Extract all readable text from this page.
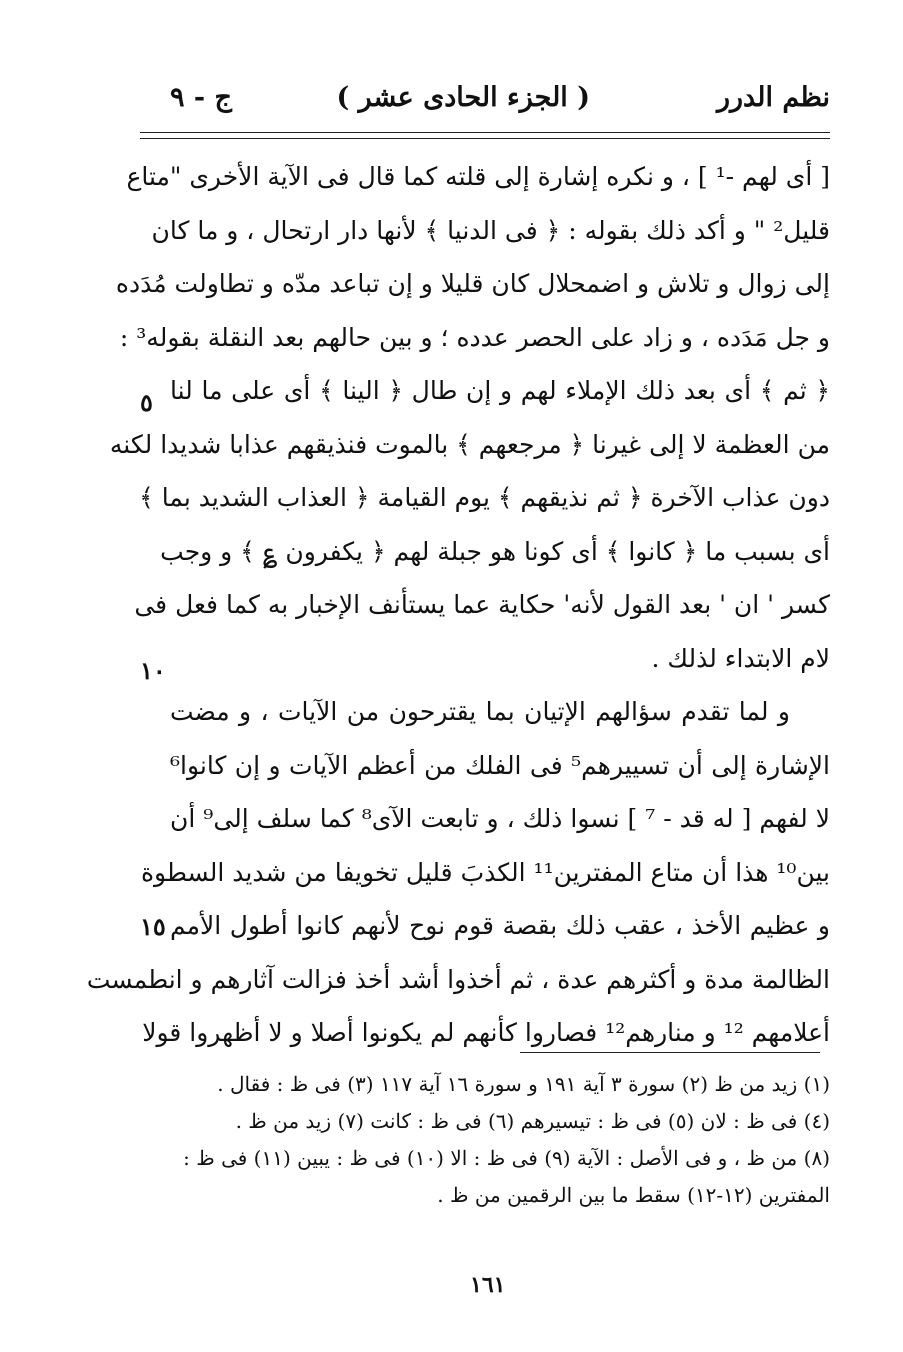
نظم الدرر
( الجزء الحادى عشر )
ج - ٩
[ أى لهم -¹ ] ، و نكره إشارة إلى قلته كما قال فى الآية الأخرى "متاع
قليل² " و أكد ذلك بقوله : ﴿ فى الدنيا ﴾ لأنها دار ارتحال ، و ما كان
إلى زوال و تلاش و اضمحلال كان قليلا و إن تباعد مدّه و تطاولت مُدَده
و جل مَدَده ، و زاد على الحصر عدده ؛ و بين حالهم بعد النقلة بقوله³ :
﴿ ثم ﴾ أى بعد ذلك الإملاء لهم و إن طال ﴿ الينا ﴾ أى على ما لنا
من العظمة لا إلى غيرنا ﴿ مرجعهم ﴾ بالموت فنذيقهم عذابا شديدا لكنه
دون عذاب الآخرة ﴿ ثم نذيقهم ﴾ يوم القيامة ﴿ العذاب الشديد بما ﴾
أى بسبب ما ﴿ كانوا ﴾ أى كونا هو جبلة لهم ﴿ يكفرون ؏ ﴾ و وجب
كسر ' ان ' بعد القول لأنه' حكاية عما يستأنف الإخبار به كما فعل فى
لام الابتداء لذلك .
و لما تقدم سؤالهم الإتيان بما يقترحون من الآيات ، و مضت
الإشارة إلى أن تسييرهم⁵ فى الفلك من أعظم الآيات و إن كانوا⁶
لا لفهم [ له قد - ⁷ ] نسوا ذلك ، و تابعت الآى⁸ كما سلف إلى⁹ أن
بين¹⁰ هذا أن متاع المفترين¹¹ الكذبَ قليل تخويفا من شديد السطوة
و عظيم الأخذ ، عقب ذلك بقصة قوم نوح لأنهم كانوا أطول الأمم
الظالمة مدة و أكثرهم عدة ، ثم أخذوا أشد أخذ فزالت آثارهم و انطمست
أعلامهم ¹² و منارهم¹² فصاروا كأنهم لم يكونوا أصلا و لا أظهروا قولا
٥
١٠
١٥
(١) زيد من ظ (٢) سورة ٣ آية ١٩١ و سورة ١٦ آية ١١٧ (٣) فى ظ : فقال .
(٤) فى ظ : لان (٥) فى ظ : تيسيرهم (٦) فى ظ : كانت (٧) زيد من ظ .
(٨) من ظ ، و فى الأصل : الآية (٩) فى ظ : الا (١٠) فى ظ : يبين (١١) فى ظ :
المفترين (١٢-١٢) سقط ما بين الرقمين من ظ .
١٦١
